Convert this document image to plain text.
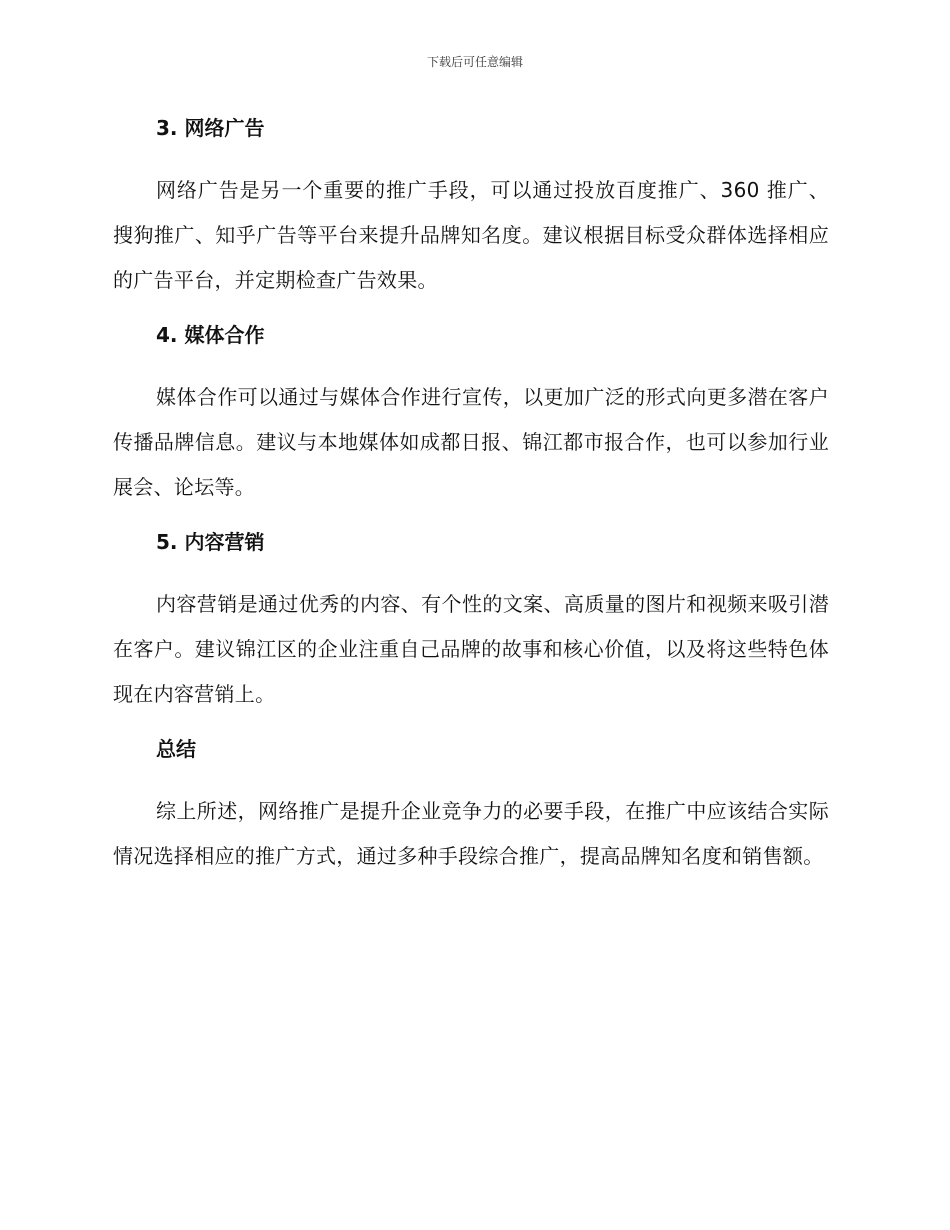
下载后可任意编辑
3. 网络广告

网络广告是另一个重要的推广手段，可以通过投放百度推广、360 推广、搜狗推广、知乎广告等平台来提升品牌知名度。建议根据目标受众群体选择相应的广告平台，并定期检查广告效果。

4. 媒体合作

媒体合作可以通过与媒体合作进行宣传，以更加广泛的形式向更多潜在客户传播品牌信息。建议与本地媒体如成都日报、锦江都市报合作，也可以参加行业展会、论坛等。

5. 内容营销

内容营销是通过优秀的内容、有个性的文案、高质量的图片和视频来吸引潜在客户。建议锦江区的企业注重自己品牌的故事和核心价值，以及将这些特色体现在内容营销上。

总结

综上所述，网络推广是提升企业竞争力的必要手段，在推广中应该结合实际情况选择相应的推广方式，通过多种手段综合推广，提高品牌知名度和销售额。
